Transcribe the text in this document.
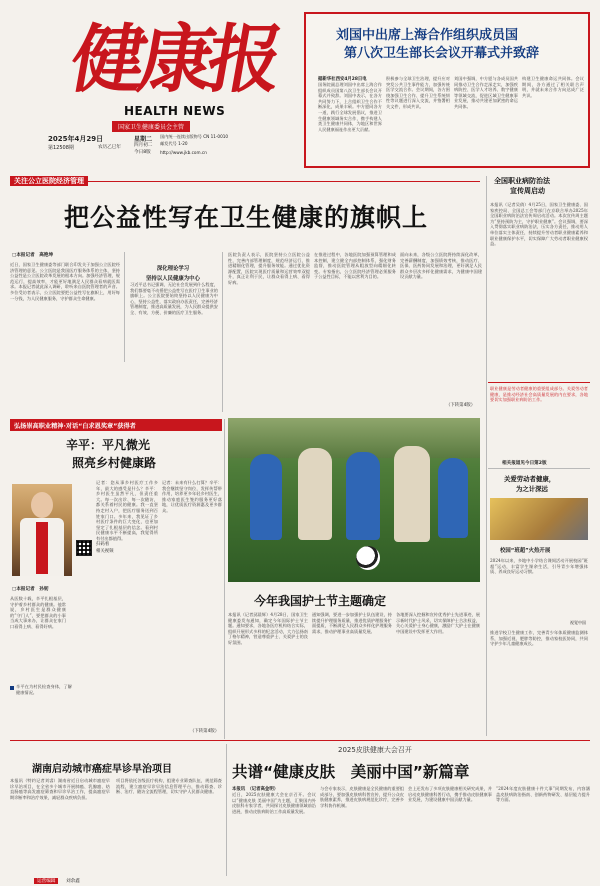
健康报
HEALTH NEWS
国家卫生健康委员会主管
2025年4月29日
第12508期	农历乙巳年
星期二
四月初二
今日8版
国内统一连续出版物号 CN 11-0010
邮发代号 1-20
http://www.jkb.com.cn
刘国中出席上海合作组织成员国
第八次卫生部长会议开幕式并致辞
据新华社西安4月28日电
国务院副总理刘国中出席上海合作组织成员国第八次卫生部长会议开幕式并致辞。刘国中表示，在各方共同努力下，上合组织卫生合作不断深化，成果丰硕。中方愿同各方一道，践行全球发展倡议，推进卫生健康领域务实合作，携手构建人类卫生健康共同体，为地区和世界人民健康福祉作出更大贡献。
积极参与全球卫生治理，提升应对突发公共卫生事件能力，加强传统医学交流合作。会议期间，各方围绕加强卫生合作、提升卫生系统韧性等议题进行深入交流，并签署相关文件，形成共识。
刘国中强调，中方愿与各成员国共同推动卫生合作走深走实，加强疾病防控、医学人才培养、数字健康等领域交流，促进区域卫生健康事业发展，推动共建更加紧密的命运共同体。
构建卫生健康命运共同体。会议期间，各方通过了相关联合声明，并就未来合作方向达成广泛共识。
关注公立医院经济管理
把公益性写在卫生健康的旗帜上
□本报记者　高艳坤
近日，国家卫生健康委等部门联合印发关于加强公立医院经济管理的意见。公立医院是我国医疗服务体系的主体，坚持公益性是公立医院改革发展的根本方向。加强经济管理，规范运行，提高效率，才能更好地满足人民群众看病就医需求。本报记者就此深入调研，聆听来自医院管理者的声音。多位受访者表示，公立医院要把公益性写在旗帜上，用好每一分钱，为人民健康服务，守护群众生命健康。
深化理论学习
坚持以人民健康为中心
习近平总书记强调，无论社会发展到什么程度，我们都要毫不动摇把公益性写在医疗卫生事业的旗帜上。公立医院要始终坚持以人民健康为中心，坚持公益性，落实政府办医责任，完善经济管理制度，推进高质量发展，为人民群众提供安全、有效、方便、价廉的医疗卫生服务。
医院负责人表示，医院坚持公立医院公益性，完善内部管理制度，规范经济运行，推进精细化管理，提升服务效能。通过优化资源配置，医院实现医疗质量和运营效率双提升，真正让利于民，让群众看得上病、看得好病。
在推进过程中，各地医院加强预算管理和成本控制，建立健全内部控制体系，强化财务监督，推动医院管理从粗放型向精细化转变。专家指出，公立医院经济管理必须服务于公益性目标，不能以营利为目的。
面向未来，各级公立医院将持续深化改革，完善薪酬制度，加强绩效考核，推动医疗、医保、医药协同发展和治理，更好满足人民群众多层次多样化健康需求，为健康中国建设贡献力量。
（下转第4版）
全国职业病防治法
宣传周启动
本报讯（记者吴倩）4月25日，国家卫生健康委、国家疾控局、全国总工会等部门在京联合举办2025年全国职业病防治法宣传周启动活动。本次宣传周主题为“坚持预防为主，守护职业健康”。会议强调，要深入贯彻落实职业病防治法，压实各方责任，推动用人单位落实主体责任，持续提升劳动者职业健康素养和职业健康保护水平，切实保障广大劳动者职业健康权益。
职业健康是劳动者健康的重要组成部分。关爱劳动者健康，是推动经济社会高质量发展的内在要求，各地要切实加强职业病防治工作。
相关报道见今日第2版
关爱劳动者健康，
为之计深远
校园“班超”火热开展
2024年以来，多地中小学结合课间活动开展校园“班超”运动，丰富学生课余生活，引导青少年增强体质、养成良好运动习惯。
视觉中国
推进学校卫生健康工作，完善青少年体质健康监测体系，加强近视、肥胖等防控，推动家校医协同，共同守护少年儿童健康成长。
弘扬崇高职业精神·对话“白求恩奖章”获得者
辛平：平凡微光
照亮乡村健康路
扫码看
相关视频
□本报记者　孙韧
从医数十载，辛平扎根基层，守护着乡村群众的健康。他常说，乡村医生是群众健康的“守门人”，要把群众的小事当成大事来办，让群众在家门口看得上病、看得好病。
辛平在为村民检查身体，了解健康情况。
记者：您从事乡村医疗工作多年，最大的感受是什么？辛平：乡村医生虽然平凡，但责任重大。每一次出诊、每一次随访，都关系着村民的健康。我一直坚持走村入户，把医疗服务送到百姓家门口。多年来，我见证了乡村医疗条件的巨大变化，也更加坚定了扎根基层的信念。看到村民健康水平不断提高，我觉得所有付出都值得。
记者：未来有什么打算？辛平：我会继续坚守岗位，发挥传帮带作用，培养更多年轻乡村医生，推动家庭医生签约服务更好落地，让优质医疗资源惠及更多群众。
（下转第4版）
今年我国护士节主题确定
本报讯（记者邱晨辉）4月28日，国家卫生健康委发布通知，确定今年国际护士节主题。通知要求，各地各医疗机构结合实际，组织开展形式多样的纪念活动，大力弘扬南丁格尔精神，营造尊重护士、关爱护士的良好氛围。
通知强调，要进一步加强护士队伍建设，持续提升护理服务质量，推进优质护理服务扩面提质，不断满足人民群众多样化护理服务需求，推动护理事业高质量发展。
各地要深入挖掘和宣传优秀护士先进事迹，展示新时代护士风采，切实保障护士合法权益，关心关爱护士身心健康，激励广大护士在健康中国建设中发挥更大作用。
2025皮肤健康大会召开
共谱“健康皮肤　美丽中国”新篇章
本报讯　（记者高金明）
近日，2025皮肤健康大会在京召开。会议以“健康皮肤 美丽中国”为主题，汇聚国内外皮肤科专家学者，共同探讨皮肤健康领域前沿进展，推动皮肤病防治工作高质量发展。
与会专家表示，皮肤健康是全民健康的重要组成部分，要加强皮肤病科普宣传，提升公众皮肤健康素养，推进皮肤病规范化诊疗，完善多学科协作机制。
会上还发布了多项皮肤健康相关研究成果，并启动皮肤健康科普行动，携手推动皮肤健康事业发展，为建设健康中国贡献力量。
“2024年度皮肤健康十件大事”同期发布，内容涵盖皮肤病防治指南、创新药物研发、基层能力提升等方面。
湖南启动城市癌症早诊早治项目
本报讯（特约记者刘睿）湖南省近日启动城市癌症早诊早治项目，在全省多个城市开展肺癌、乳腺癌、结直肠癌等高发癌症筛查和早诊早治工作，提高癌症早期诊断率和治疗效果，减轻群众疾病负担。
项目将依托各级医疗机构，组建专业筛查队伍，规范筛查流程，建立癌症早诊早治信息管理平台，推动筛查、诊断、治疗、随访全流程管理，切实守护人民群众健康。
运营编辑	刘余鑫
